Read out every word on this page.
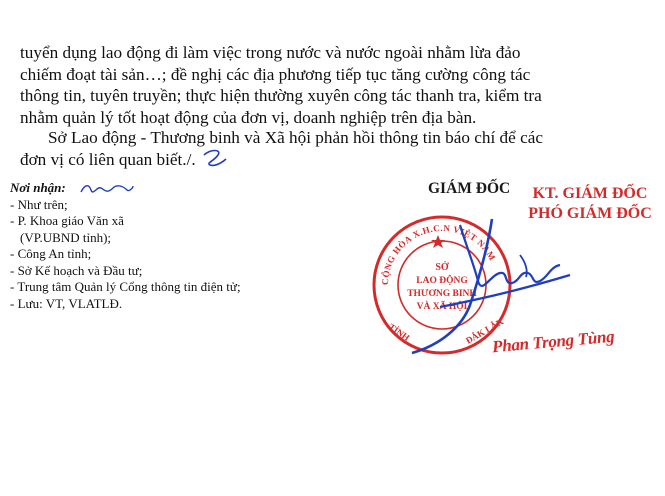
tuyển dụng lao động đi làm việc trong nước và nước ngoài nhằm lừa đảo
chiếm đoạt tài sản…; đề nghị các địa phương tiếp tục tăng cường công tác
thông tin, tuyên truyền; thực hiện thường xuyên công tác thanh tra, kiểm tra
nhằm quản lý tốt hoạt động của đơn vị, doanh nghiệp trên địa bàn.
Sở Lao động - Thương binh và Xã hội phản hồi thông tin báo chí để các
đơn vị có liên quan biết./.
Nơi nhận:
- Như trên;
- P. Khoa giáo Văn xã
(VP.UBND tỉnh);
- Công An tỉnh;
- Sở Kế hoạch và Đầu tư;
- Trung tâm Quản lý Cổng thông tin điện tử;
- Lưu: VT, VLATLĐ.
GIÁM ĐỐC	KT. GIÁM ĐỐC
PHÓ GIÁM ĐỐC
CỘNG HÒA X.H.C.N VIỆT NAM
SỞ
LAO ĐỘNG
THƯƠNG BINH
VÀ XÃ HỘI
TỈNH	ĐẮK LẮK
Phan Trọng Tùng
